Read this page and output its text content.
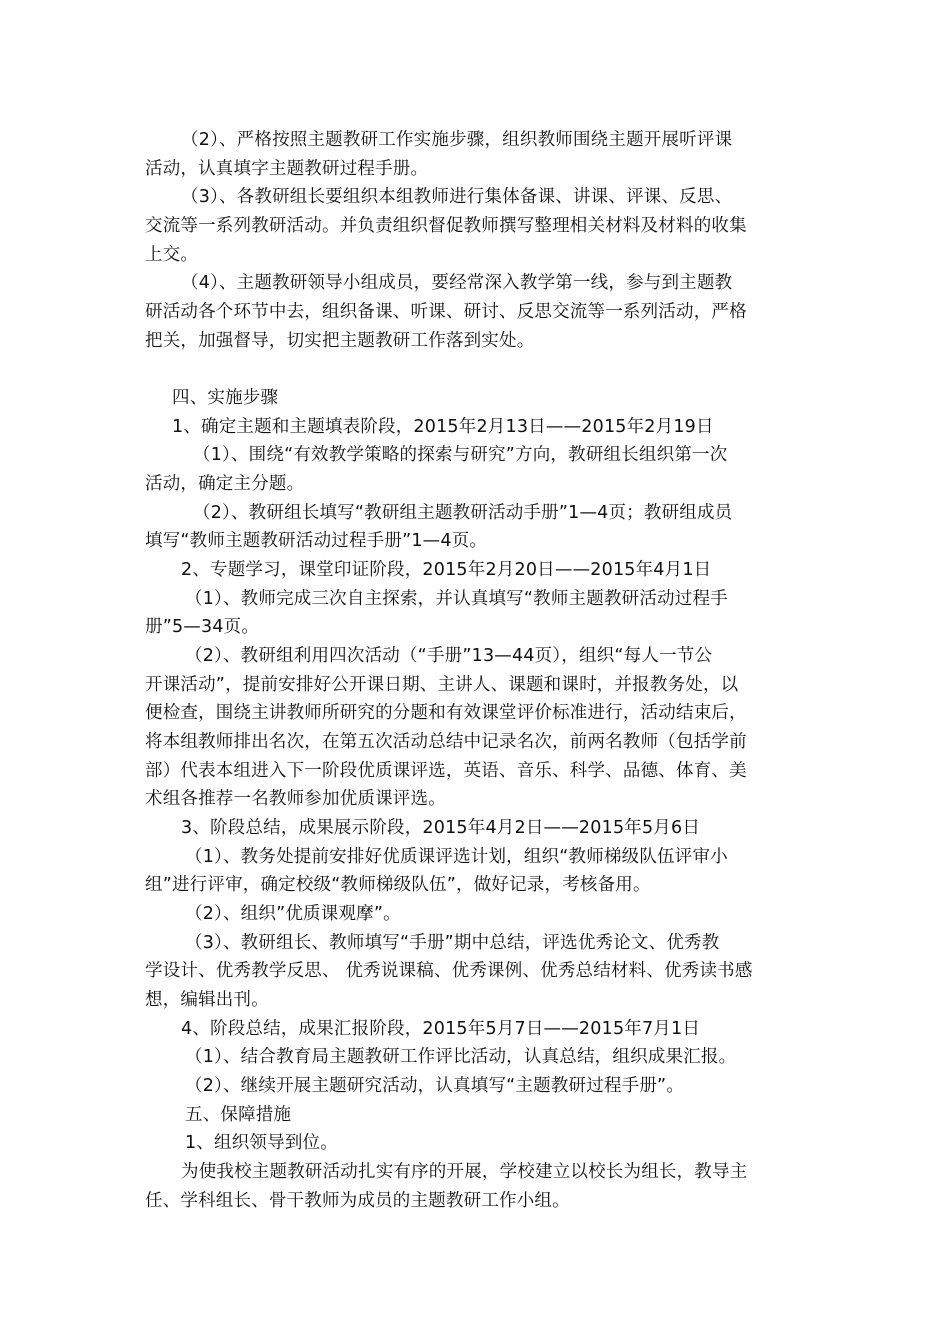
（2）、严格按照主题教研工作实施步骤，组织教师围绕主题开展听评课
活动，认真填字主题教研过程手册。
（3）、各教研组长要组织本组教师进行集体备课、讲课、评课、反思、
交流等一系列教研活动。并负责组织督促教师撰写整理相关材料及材料的收集
上交。
（4）、主题教研领导小组成员，要经常深入教学第一线，参与到主题教
研活动各个环节中去，组织备课、听课、研讨、反思交流等一系列活动，严格
把关，加强督导，切实把主题教研工作落到实处。
四、实施步骤
1、确定主题和主题填表阶段，2015年2月13日——2015年2月19日
（1）、围绕“有效教学策略的探索与研究”方向，教研组长组织第一次
活动，确定主分题。
（2）、教研组长填写“教研组主题教研活动手册”1—4页；教研组成员
填写“教师主题教研活动过程手册”1—4页。
2、专题学习，课堂印证阶段，2015年2月20日——2015年4月1日
（1）、教师完成三次自主探索，并认真填写“教师主题教研活动过程手
册”5—34页。
（2）、教研组利用四次活动（“手册”13—44页），组织“每人一节公
开课活动”，提前安排好公开课日期、主讲人、课题和课时，并报教务处，以
便检查，围绕主讲教师所研究的分题和有效课堂评价标准进行，活动结束后，
将本组教师排出名次，在第五次活动总结中记录名次，前两名教师（包括学前
部）代表本组进入下一阶段优质课评选，英语、音乐、科学、品德、体育、美
术组各推荐一名教师参加优质课评选。
3、阶段总结，成果展示阶段，2015年4月2日——2015年5月6日
（1）、教务处提前安排好优质课评选计划，组织“教师梯级队伍评审小
组”进行评审，确定校级“教师梯级队伍”，做好记录，考核备用。
（2）、组织”优质课观摩”。
（3）、教研组长、教师填写“手册”期中总结，评选优秀论文、优秀教
学设计、优秀教学反思、 优秀说课稿、优秀课例、优秀总结材料、优秀读书感
想，编辑出刊。
4、阶段总结，成果汇报阶段，2015年5月7日——2015年7月1日
（1）、结合教育局主题教研工作评比活动，认真总结，组织成果汇报。
（2）、继续开展主题研究活动，认真填写“主题教研过程手册”。
五、保障措施
1、组织领导到位。
为使我校主题教研活动扎实有序的开展，学校建立以校长为组长，教导主
任、学科组长、骨干教师为成员的主题教研工作小组。
